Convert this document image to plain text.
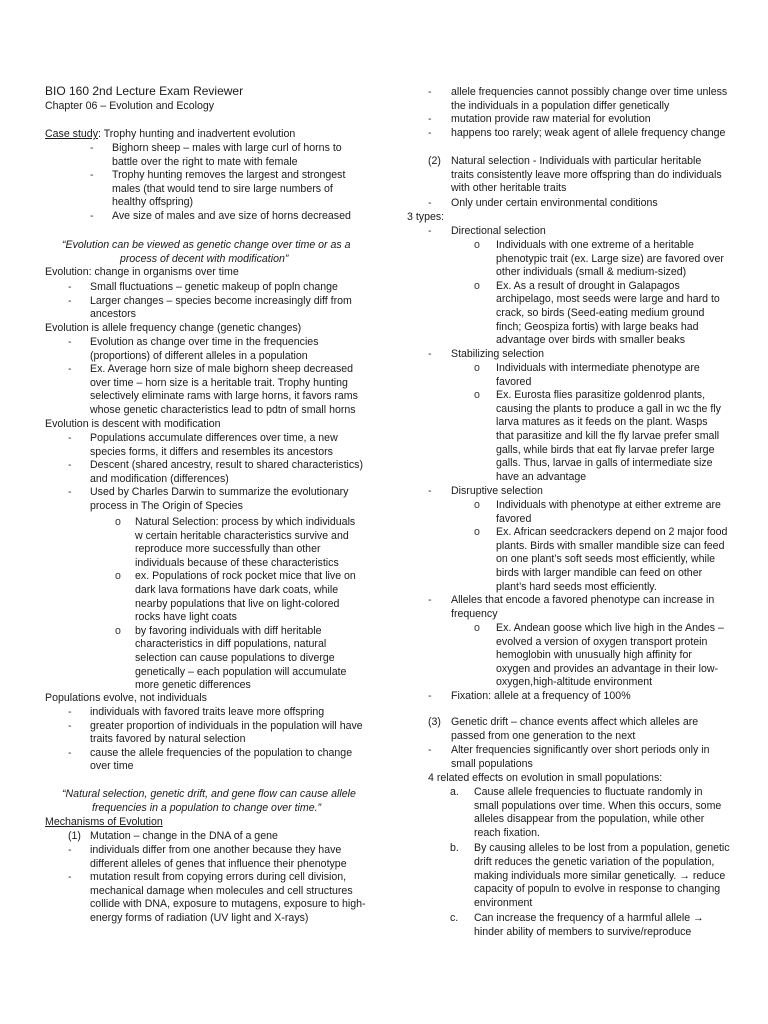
BIO 160 2nd Lecture Exam Reviewer
Chapter 06 – Evolution and Ecology
Case study: Trophy hunting and inadvertent evolution
- Bighorn sheep – males with large curl of horns to
battle over the right to mate with female
- Trophy hunting removes the largest and strongest
males (that would tend to sire large numbers of
healthy offspring)
- Ave size of males and ave size of horns decreased
“Evolution can be viewed as genetic change over time or as a
process of decent with modification”
Evolution: change in organisms over time
- Small fluctuations – genetic makeup of popln change
- Larger changes – species become increasingly diff from
ancestors
Evolution is allele frequency change (genetic changes)
- Evolution as change over time in the frequencies
(proportions) of different alleles in a population
- Ex. Average horn size of male bighorn sheep decreased
over time – horn size is a heritable trait. Trophy hunting
selectively eliminate rams with large horns, it favors rams
whose genetic characteristics lead to pdtn of small horns
Evolution is descent with modification
- Populations accumulate differences over time, a new
species forms, it differs and resembles its ancestors
- Descent (shared ancestry, result to shared characteristics)
and modification (differences)
- Used by Charles Darwin to summarize the evolutionary
process in The Origin of Species
o Natural Selection: process by which individuals
w certain heritable characteristics survive and
reproduce more successfully than other
individuals because of these characteristics
o ex. Populations of rock pocket mice that live on
dark lava formations have dark coats, while
nearby populations that live on light-colored
rocks have light coats
o by favoring individuals with diff heritable
characteristics in diff populations, natural
selection can cause populations to diverge
genetically – each population will accumulate
more genetic differences
Populations evolve, not individuals
- individuals with favored traits leave more offspring
- greater proportion of individuals in the population will have
traits favored by natural selection
- cause the allele frequencies of the population to change
over time
“Natural selection, genetic drift, and gene flow can cause allele
frequencies in a population to change over time.”
Mechanisms of Evolution
(1) Mutation – change in the DNA of a gene
- individuals differ from one another because they have
different alleles of genes that influence their phenotype
- mutation result from copying errors during cell division,
mechanical damage when molecules and cell structures
collide with DNA, exposure to mutagens, exposure to high-
energy forms of radiation (UV light and X-rays)
- allele frequencies cannot possibly change over time unless
the individuals in a population differ genetically
- mutation provide raw material for evolution
- happens too rarely; weak agent of allele frequency change
(2) Natural selection - Individuals with particular heritable
traits consistently leave more offspring than do individuals
with other heritable traits
- Only under certain environmental conditions
3 types:
- Directional selection
o Individuals with one extreme of a heritable
phenotypic trait (ex. Large size) are favored over
other individuals (small & medium-sized)
o Ex. As a result of drought in Galapagos
archipelago, most seeds were large and hard to
crack, so birds (Seed-eating medium ground
finch; Geospiza fortis) with large beaks had
advantage over birds with smaller beaks
- Stabilizing selection
o Individuals with intermediate phenotype are
favored
o Ex. Eurosta flies parasitize goldenrod plants,
causing the plants to produce a gall in wc the fly
larva matures as it feeds on the plant. Wasps
that parasitize and kill the fly larvae prefer small
galls, while birds that eat fly larvae prefer large
galls. Thus, larvae in galls of intermediate size
have an advantage
- Disruptive selection
o Individuals with phenotype at either extreme are
favored
o Ex. African seedcrackers depend on 2 major food
plants. Birds with smaller mandible size can feed
on one plant’s soft seeds most efficiently, while
birds with larger mandible can feed on other
plant’s hard seeds most efficiently.
- Alleles that encode a favored phenotype can increase in
frequency
o Ex. Andean goose which live high in the Andes –
evolved a version of oxygen transport protein
hemoglobin with unusually high affinity for
oxygen and provides an advantage in their low-
oxygen,high-altitude environment
- Fixation: allele at a frequency of 100%
(3) Genetic drift – chance events affect which alleles are
passed from one generation to the next
- Alter frequencies significantly over short periods only in
small populations
4 related effects on evolution in small populations:
a. Cause allele frequencies to fluctuate randomly in
small populations over time. When this occurs, some
alleles disappear from the population, while other
reach fixation.
b. By causing alleles to be lost from a population, genetic
drift reduces the genetic variation of the population,
making individuals more similar genetically. → reduce
capacity of populn to evolve in response to changing
environment
c. Can increase the frequency of a harmful allele →
hinder ability of members to survive/reproduce
